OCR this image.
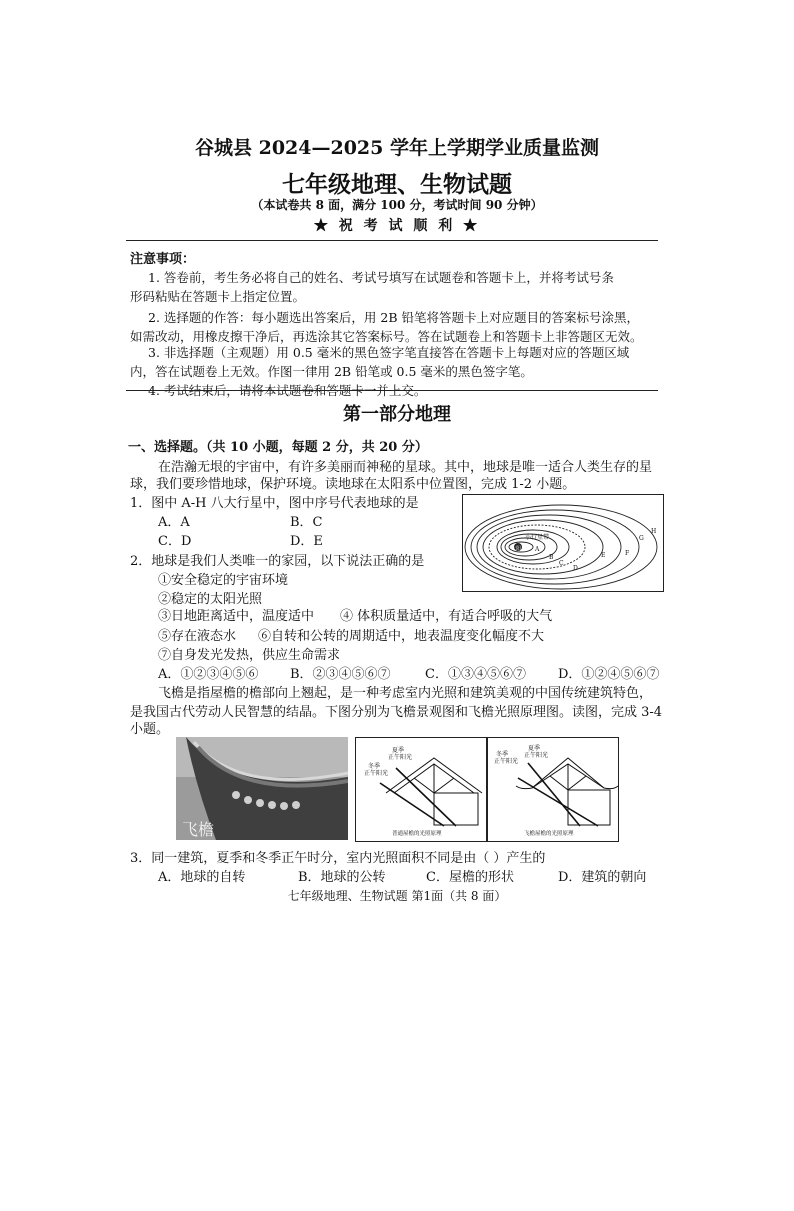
谷城县 2024—2025 学年上学期学业质量监测
七年级地理、生物试题
（本试卷共 8 面，满分 100 分，考试时间 90 分钟）
★ 祝 考 试 顺 利 ★
注意事项：
1. 答卷前，考生务必将自己的姓名、考试号填写在试题卷和答题卡上，并将考试号条
形码粘贴在答题卡上指定位置。
2. 选择题的作答：每小题选出答案后，用 2B 铅笔将答题卡上对应题目的答案标号涂黑，
如需改动，用橡皮擦干净后，再选涂其它答案标号。答在试题卷上和答题卡上非答题区无效。
3. 非选择题（主观题）用 0.5 毫米的黑色签字笔直接答在答题卡上每题对应的答题区域
内，答在试题卷上无效。作图一律用 2B 铅笔或 0.5 毫米的黑色签字笔。
4. 考试结束后，请将本试题卷和答题卡一并上交。
第一部分地理
一、选择题。（共 10 小题，每题 2 分，共 20 分）
在浩瀚无垠的宇宙中，有许多美丽而神秘的星球。其中，地球是唯一适合人类生存的星
球，我们要珍惜地球，保护环境。读地球在太阳系中位置图，完成 1-2 小题。
1．图中 A-H 八大行星中，图中序号代表地球的是
A．A	B．C
C．D	D．E	小行星带
太阳 A
B
C
D
E	F
G
H
2．地球是我们人类唯一的家园，以下说法正确的是
①安全稳定的宇宙环境
②稳定的太阳光照
③日地距离适中，温度适中 ④ 体积质量适中，有适合呼吸的大气
⑤存在液态水 ⑥自转和公转的周期适中，地表温度变化幅度不大
⑦自身发光发热，供应生命需求
A．①②③④⑤⑥ B．②③④⑤⑥⑦	C．①③④⑤⑥⑦ D．①②④⑤⑥⑦
飞檐是指屋檐的檐部向上翘起，是一种考虑室内光照和建筑美观的中国传统建筑特色，
是我国古代劳动人民智慧的结晶。下图分别为飞檐景观图和飞檐光照原理图。读图，完成 3-4
小题。
飞檐
夏季
正午阳光
冬季
正午阳光
普通屋檐的光照原理
冬季
正午阳光
夏季
正午阳光
飞檐屋檐的光照原理
3．同一建筑，夏季和冬季正午时分，室内光照面积不同是由（ ）产生的
A．地球的自转	B．地球的公转	C．屋檐的形状	D．建筑的朝向
七年级地理、生物试题 第1面（共 8 面）
